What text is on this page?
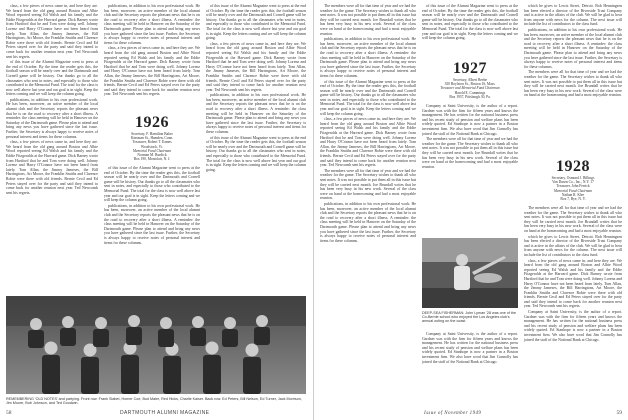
class, a few pieces of news came in, and here they are. We heard from the old gang around Boston and Albie Wood reported seeing Ed Walsh and his family and the Eddie Fitzgeralds at the Harvard game. Dick Barney wrote from Hartford that he and Tom were doing well. Johnny Lorenz and Harry O'Connor have not been heard from lately. Tom Allan, the Jimmy Jameses, the Bill Harringtons, Art Moore, the Franklin Smiths and Clarence Robie were there with old friends. Bernie Cecil and Ed Peters stayed over for the party and said they intend to come back for another reunion next year. Ted Newcomb sent his regrets.

of this issue of the Alumni Magazine went to press at the end of October. By the time the reader gets this, the football season will be nearly over and the Dartmouth and Cornell game will be history. Our thanks go to all the classmates who sent in notes, and especially to those who contributed to the Memorial Fund. The total for the class is now well above last year and our goal is in sight. Keep the letters coming and we will keep the column going.

publications, in addition to his own professional work. He has been, moreover, an active member of the local alumni club and the Secretary reports the pleasant news that he is on the road to recovery after a short illness. A reminder: the class meeting will be held in Hanover on the Saturday of the Dartmouth game. Please plan to attend and bring any news you have gathered since the last issue. Further, the Secretary is always happy to receive notes of personal interest and items for these columns.

class, a few pieces of news came in, and here they are. We heard from the old gang around Boston and Albie Wood reported seeing Ed Walsh and his family and the Eddie Fitzgeralds at the Harvard game. Dick Barney wrote from Hartford that he and Tom were doing well. Johnny Lorenz and Harry O'Connor have not been heard from lately. Tom Allan, the Jimmy Jameses, the Bill Harringtons, Art Moore, the Franklin Smiths and Clarence Robie were there with old friends. Bernie Cecil and Ed Peters stayed over for the party and said they intend to come back for another reunion next year. Ted Newcomb sent his regrets.

publications, in addition to his own professional work. He has been, moreover, an active member of the local alumni club and the Secretary reports the pleasant news that he is on the road to recovery after a short illness. A reminder: the class meeting will be held in Hanover on the Saturday of the Dartmouth game. Please plan to attend and bring any news you have gathered since the last issue. Further, the Secretary is always happy to receive notes of personal interest and items for these columns.

class, a few pieces of news came in, and here they are. We heard from the old gang around Boston and Albie Wood reported seeing Ed Walsh and his family and the Eddie Fitzgeralds at the Harvard game. Dick Barney wrote from Hartford that he and Tom were doing well. Johnny Lorenz and Harry O'Connor have not been heard from lately. Tom Allan, the Jimmy Jameses, the Bill Harringtons, Art Moore, the Franklin Smiths and Clarence Robie were there with old friends. Bernie Cecil and Ed Peters stayed over for the party and said they intend to come back for another reunion next year. Ted Newcomb sent his regrets.

1926
Secretary, F. Hamilton Baker
Kinsman St., Hamden, Conn.
Treasurer, Robert T. Eames
Woodstock, Vt.
Memorial Fund Chairman
Norman M. Burdick
Box 190, Montclair, N. J.

of this issue of the Alumni Magazine went to press at the end of October. By the time the reader gets this, the football season will be nearly over and the Dartmouth and Cornell game will be history. Our thanks go to all the classmates who sent in notes, and especially to those who contributed to the Memorial Fund. The total for the class is now well above last year and our goal is in sight. Keep the letters coming and we will keep the column going.

publications, in addition to his own professional work. He has been, moreover, an active member of the local alumni club and the Secretary reports the pleasant news that he is on the road to recovery after a short illness. A reminder: the class meeting will be held in Hanover on the Saturday of the Dartmouth game. Please plan to attend and bring any news you have gathered since the last issue. Further, the Secretary is always happy to receive notes of personal interest and items for these columns.

of this issue of the Alumni Magazine went to press at the end of October. By the time the reader gets this, the football season will be nearly over and the Dartmouth and Cornell game will be history. Our thanks go to all the classmates who sent in notes, and especially to those who contributed to the Memorial Fund. The total for the class is now well above last year and our goal is in sight. Keep the letters coming and we will keep the column going.

class, a few pieces of news came in, and here they are. We heard from the old gang around Boston and Albie Wood reported seeing Ed Walsh and his family and the Eddie Fitzgeralds at the Harvard game. Dick Barney wrote from Hartford that he and Tom were doing well. Johnny Lorenz and Harry O'Connor have not been heard from lately. Tom Allan, the Jimmy Jameses, the Bill Harringtons, Art Moore, the Franklin Smiths and Clarence Robie were there with old friends. Bernie Cecil and Ed Peters stayed over for the party and said they intend to come back for another reunion next year. Ted Newcomb sent his regrets.

publications, in addition to his own professional work. He has been, moreover, an active member of the local alumni club and the Secretary reports the pleasant news that he is on the road to recovery after a short illness. A reminder: the class meeting will be held in Hanover on the Saturday of the Dartmouth game. Please plan to attend and bring any news you have gathered since the last issue. Further, the Secretary is always happy to receive notes of personal interest and items for these columns.

of this issue of the Alumni Magazine went to press at the end of October. By the time the reader gets this, the football season will be nearly over and the Dartmouth and Cornell game will be history. Our thanks go to all the classmates who sent in notes, and especially to those who contributed to the Memorial Fund. The total for the class is now well above last year and our goal is in sight. Keep the letters coming and we will keep the column going.

REMEMBERING 'OLD NOTES' and partying. Front row: Frank Slabet, Homer Coe, Bud Maier, Red Hicks, Charlie Kaiser. Back row: Ed Peters, Bill Nelson, Ed Turner, Jack Morrison, Jim Moore, Bob Johnson, and Ted Goodwin.
DARTMOUTH ALUMNI MAGAZINE
58

The members were all for that time of year and we had the weather for the game. The Secretary wishes to thank all who sent notes. It was not possible to put them all in this issue but they will be carried next month. Joe Brundall writes that he has been very busy in his new work. Several of the class were on hand at the homecoming and had a most enjoyable reunion.

publications, in addition to his own professional work. He has been, moreover, an active member of the local alumni club and the Secretary reports the pleasant news that he is on the road to recovery after a short illness. A reminder: the class meeting will be held in Hanover on the Saturday of the Dartmouth game. Please plan to attend and bring any news you have gathered since the last issue. Further, the Secretary is always happy to receive notes of personal interest and items for these columns.

of this issue of the Alumni Magazine went to press at the end of October. By the time the reader gets this, the football season will be nearly over and the Dartmouth and Cornell game will be history. Our thanks go to all the classmates who sent in notes, and especially to those who contributed to the Memorial Fund. The total for the class is now well above last year and our goal is in sight. Keep the letters coming and we will keep the column going.

class, a few pieces of news came in, and here they are. We heard from the old gang around Boston and Albie Wood reported seeing Ed Walsh and his family and the Eddie Fitzgeralds at the Harvard game. Dick Barney wrote from Hartford that he and Tom were doing well. Johnny Lorenz and Harry O'Connor have not been heard from lately. Tom Allan, the Jimmy Jameses, the Bill Harringtons, Art Moore, the Franklin Smiths and Clarence Robie were there with old friends. Bernie Cecil and Ed Peters stayed over for the party and said they intend to come back for another reunion next year. Ted Newcomb sent his regrets.

The members were all for that time of year and we had the weather for the game. The Secretary wishes to thank all who sent notes. It was not possible to put them all in this issue but they will be carried next month. Joe Brundall writes that he has been very busy in his new work. Several of the class were on hand at the homecoming and had a most enjoyable reunion.

publications, in addition to his own professional work. He has been, moreover, an active member of the local alumni club and the Secretary reports the pleasant news that he is on the road to recovery after a short illness. A reminder: the class meeting will be held in Hanover on the Saturday of the Dartmouth game. Please plan to attend and bring any news you have gathered since the last issue. Further, the Secretary is always happy to receive notes of personal interest and items for these columns.

1927
Secretary, Albert Beebe
350 Boylston St., Boston 16, Mass.
Treasurer and Memorial Fund Chairman
Harold E. Cummings
Box 1937, Pittsburgh 30, Pa.

of this issue of the Alumni Magazine went to press at the end of October. By the time the reader gets this, the football season will be nearly over and the Dartmouth and Cornell game will be history. Our thanks go to all the classmates who sent in notes, and especially to those who contributed to the Memorial Fund. The total for the class is now well above last year and our goal is in sight. Keep the letters coming and we will keep the column going.

Company at Saint University, is the author of a report. Gardner was with the firm for fifteen years and knows the management. He has written for the national business press and his recent study of pension and welfare plans has been widely quoted. Ed Stanhope is now a partner in a Boston investment firm. We also have word that Jim Connolly has joined the staff of the National Bank at Chicago.

The members were all for that time of year and we had the weather for the game. The Secretary wishes to thank all who sent notes. It was not possible to put them all in this issue but they will be carried next month. Joe Brundall writes that he has been very busy in his new work. Several of the class were on hand at the homecoming and had a most enjoyable reunion.

DEEP-SEA FISHERMAN: John Lyman '28 was one of the Co-Bernie school who enjoyed the Los Angeles club's annual outing on the coast.

Company at Saint University, is the author of a report. Gardner was with the firm for fifteen years and knows the management. He has written for the national business press and his recent study of pension and welfare plans has been widely quoted. Ed Stanhope is now a partner in a Boston investment firm. We also have word that Jim Connolly has joined the staff of the National Bank at Chicago.

which he gives to Lewis Street, Detroit. Bob Henningsen has been elected a director of the Riverside Trust Company and is active in the affairs of the club. We will be glad to hear from anyone with news for the column. The next issue will include the list of contributors to the class fund.

publications, in addition to his own professional work. He has been, moreover, an active member of the local alumni club and the Secretary reports the pleasant news that he is on the road to recovery after a short illness. A reminder: the class meeting will be held in Hanover on the Saturday of the Dartmouth game. Please plan to attend and bring any news you have gathered since the last issue. Further, the Secretary is always happy to receive notes of personal interest and items for these columns.

The members were all for that time of year and we had the weather for the game. The Secretary wishes to thank all who sent notes. It was not possible to put them all in this issue but they will be carried next month. Joe Brundall writes that he has been very busy in his new work. Several of the class were on hand at the homecoming and had a most enjoyable reunion.

1928
Secretary, Osmond J. Billings
Van Dusen Co., Inc., N.Y. 17
Treasurer, John Ferrick
Memorial Fund Chairman
Nathan R. Klee
Box 7, Rye, N. Y.

The members were all for that time of year and we had the weather for the game. The Secretary wishes to thank all who sent notes. It was not possible to put them all in this issue but they will be carried next month. Joe Brundall writes that he has been very busy in his new work. Several of the class were on hand at the homecoming and had a most enjoyable reunion.

which he gives to Lewis Street, Detroit. Bob Henningsen has been elected a director of the Riverside Trust Company and is active in the affairs of the club. We will be glad to hear from anyone with news for the column. The next issue will include the list of contributors to the class fund.

class, a few pieces of news came in, and here they are. We heard from the old gang around Boston and Albie Wood reported seeing Ed Walsh and his family and the Eddie Fitzgeralds at the Harvard game. Dick Barney wrote from Hartford that he and Tom were doing well. Johnny Lorenz and Harry O'Connor have not been heard from lately. Tom Allan, the Jimmy Jameses, the Bill Harringtons, Art Moore, the Franklin Smiths and Clarence Robie were there with old friends. Bernie Cecil and Ed Peters stayed over for the party and said they intend to come back for another reunion next year. Ted Newcomb sent his regrets.

Company at Saint University, is the author of a report. Gardner was with the firm for fifteen years and knows the management. He has written for the national business press and his recent study of pension and welfare plans has been widely quoted. Ed Stanhope is now a partner in a Boston investment firm. We also have word that Jim Connolly has joined the staff of the National Bank at Chicago.

Issue of November 1949	59
